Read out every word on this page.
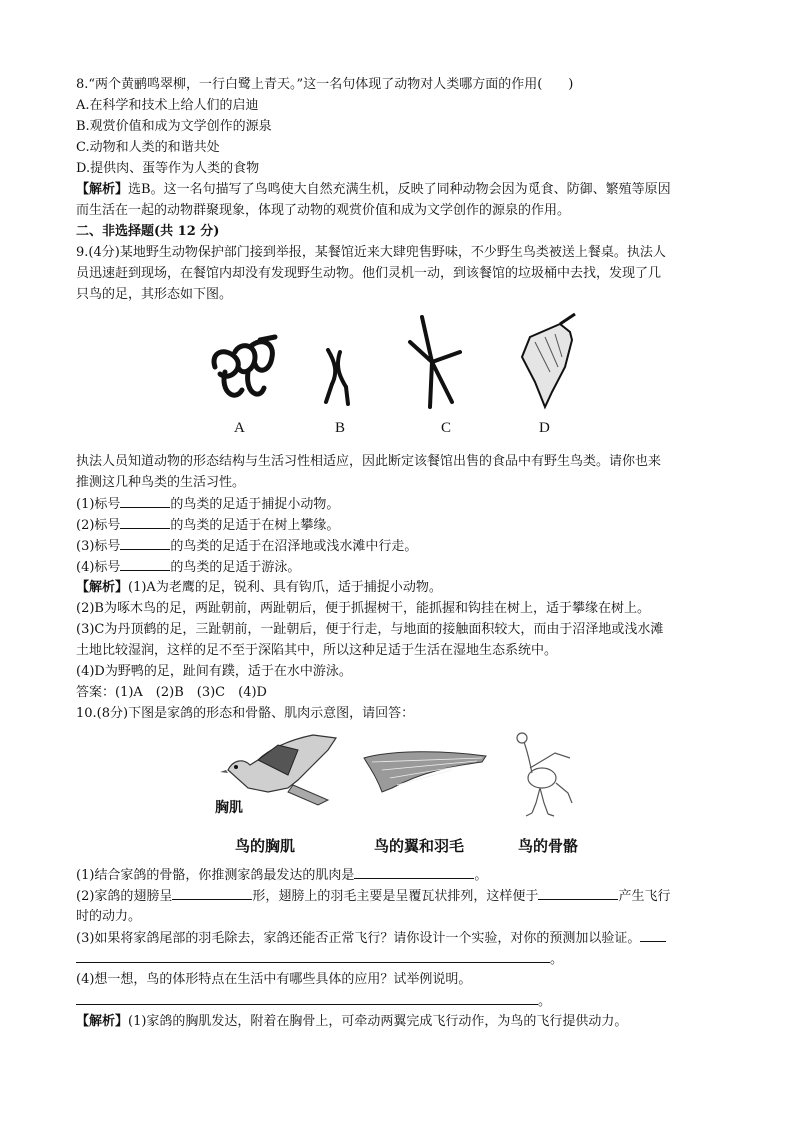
8.“两个黄鹂鸣翠柳，一行白鹭上青天。”这一名句体现了动物对人类哪方面的作用(　　)
A.在科学和技术上给人们的启迪
B.观赏价值和成为文学创作的源泉
C.动物和人类的和谐共处
D.提供肉、蛋等作为人类的食物
【解析】选B。这一名句描写了鸟鸣使大自然充满生机，反映了同种动物会因为觅食、防御、繁殖等原因
而生活在一起的动物群聚现象，体现了动物的观赏价值和成为文学创作的源泉的作用。
二、非选择题(共 12 分)
9.(4分)某地野生动物保护部门接到举报，某餐馆近来大肆兜售野味，不少野生鸟类被送上餐桌。执法人
员迅速赶到现场，在餐馆内却没有发现野生动物。他们灵机一动，到该餐馆的垃圾桶中去找，发现了几
只鸟的足，其形态如下图。
A	B	C	D
执法人员知道动物的形态结构与生活习性相适应，因此断定该餐馆出售的食品中有野生鸟类。请你也来
推测这几种鸟类的生活习性。
(1)标号	的鸟类的足适于捕捉小动物。
(2)标号	的鸟类的足适于在树上攀缘。
(3)标号	的鸟类的足适于在沼泽地或浅水滩中行走。
(4)标号	的鸟类的足适于游泳。
【解析】(1)A为老鹰的足，锐利、具有钩爪，适于捕捉小动物。
(2)B为啄木鸟的足，两趾朝前，两趾朝后，便于抓握树干，能抓握和钩挂在树上，适于攀缘在树上。
(3)C为丹顶鹤的足，三趾朝前，一趾朝后，便于行走，与地面的接触面积较大，而由于沼泽地或浅水滩
土地比较湿润，这样的足不至于深陷其中，所以这种足适于生活在湿地生态系统中。
(4)D为野鸭的足，趾间有蹼，适于在水中游泳。
答案：(1)A　(2)B　(3)C　(4)D
10.(8分)下图是家鸽的形态和骨骼、肌肉示意图，请回答：
胸肌
鸟的胸肌	鸟的翼和羽毛	鸟的骨骼
(1)结合家鸽的骨骼，你推测家鸽最发达的肌肉是	。
(2)家鸽的翅膀呈	形，翅膀上的羽毛主要是呈覆瓦状排列，这样便于	产生飞行
时的动力。
(3)如果将家鸽尾部的羽毛除去，家鸽还能否正常飞行？请你设计一个实验，对你的预测加以验证。
。
(4)想一想，鸟的体形特点在生活中有哪些具体的应用？试举例说明。
。
【解析】(1)家鸽的胸肌发达，附着在胸骨上，可牵动两翼完成飞行动作，为鸟的飞行提供动力。
